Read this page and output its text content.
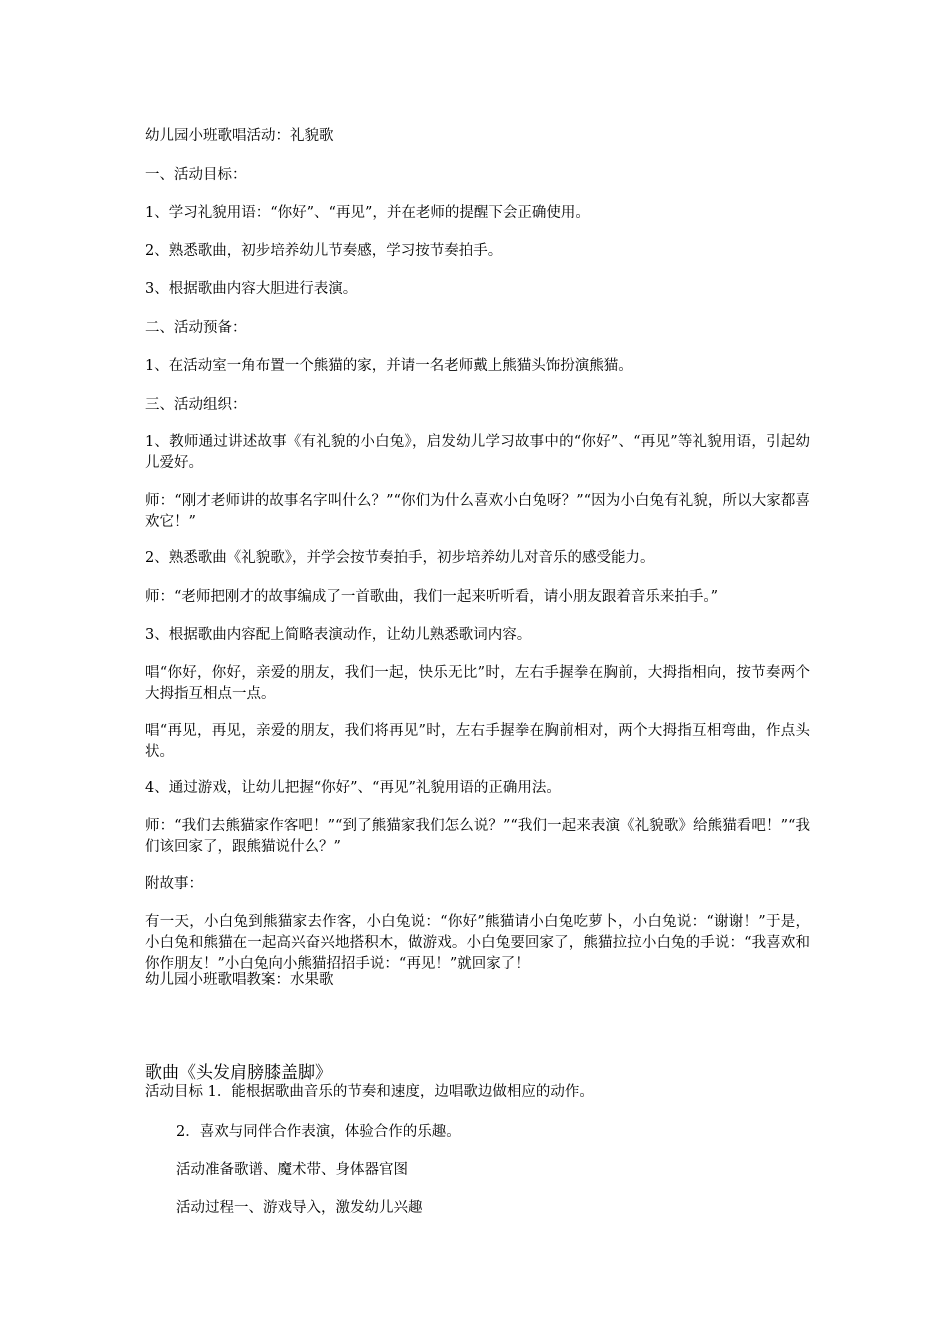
幼儿园小班歌唱活动：礼貌歌

一、活动目标：

1、学习礼貌用语：“你好”、“再见”，并在老师的提醒下会正确使用。

2、熟悉歌曲，初步培养幼儿节奏感，学习按节奏拍手。

3、根据歌曲内容大胆进行表演。

二、活动预备：

1、在活动室一角布置一个熊猫的家，并请一名老师戴上熊猫头饰扮演熊猫。

三、活动组织：

1、教师通过讲述故事《有礼貌的小白兔》，启发幼儿学习故事中的“你好”、“再见”等礼貌用语，引起幼儿爱好。

师：“刚才老师讲的故事名字叫什么？”“你们为什么喜欢小白兔呀？”“因为小白兔有礼貌，所以大家都喜欢它！”

2、熟悉歌曲《礼貌歌》，并学会按节奏拍手，初步培养幼儿对音乐的感受能力。

师：“老师把刚才的故事编成了一首歌曲，我们一起来听听看，请小朋友跟着音乐来拍手。”

3、根据歌曲内容配上简略表演动作，让幼儿熟悉歌词内容。

唱“你好，你好，亲爱的朋友，我们一起，快乐无比”时，左右手握拳在胸前，大拇指相向，按节奏两个大拇指互相点一点。

唱“再见，再见，亲爱的朋友，我们将再见”时，左右手握拳在胸前相对，两个大拇指互相弯曲，作点头状。

4、通过游戏，让幼儿把握“你好”、“再见”礼貌用语的正确用法。

师：“我们去熊猫家作客吧！”“到了熊猫家我们怎么说？”“我们一起来表演《礼貌歌》给熊猫看吧！”“我们该回家了，跟熊猫说什么？”

附故事：

有一天，小白兔到熊猫家去作客，小白兔说：“你好”熊猫请小白兔吃萝卜，小白兔说：“谢谢！”于是，小白兔和熊猫在一起高兴奋兴地搭积木，做游戏。小白兔要回家了，熊猫拉拉小白兔的手说：“我喜欢和你作朋友！”小白兔向小熊猫招招手说：“再见！”就回家了！

幼儿园小班歌唱教案：水果歌

歌曲《头发肩膀膝盖脚》

活动目标 1．能根据歌曲音乐的节奏和速度，边唱歌边做相应的动作。

2．喜欢与同伴合作表演，体验合作的乐趣。

活动准备歌谱、魔术带、身体器官图

活动过程一、游戏导入，激发幼儿兴趣
